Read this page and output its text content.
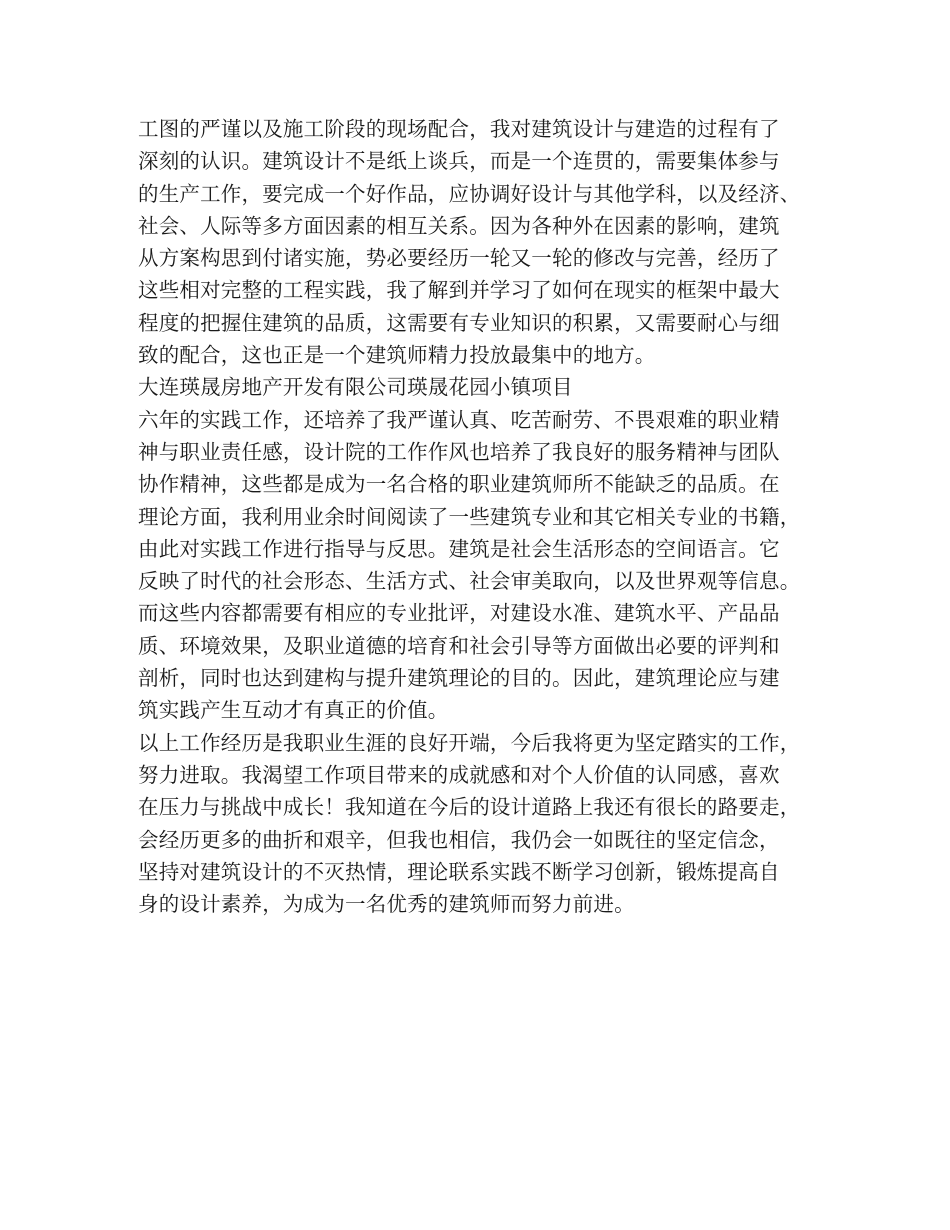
工图的严谨以及施工阶段的现场配合，我对建筑设计与建造的过程有了
深刻的认识。建筑设计不是纸上谈兵，而是一个连贯的，需要集体参与
的生产工作，要完成一个好作品，应协调好设计与其他学科，以及经济、
社会、人际等多方面因素的相互关系。因为各种外在因素的影响，建筑
从方案构思到付诸实施，势必要经历一轮又一轮的修改与完善，经历了
这些相对完整的工程实践，我了解到并学习了如何在现实的框架中最大
程度的把握住建筑的品质，这需要有专业知识的积累，又需要耐心与细
致的配合，这也正是一个建筑师精力投放最集中的地方。
大连瑛晟房地产开发有限公司瑛晟花园小镇项目
六年的实践工作，还培养了我严谨认真、吃苦耐劳、不畏艰难的职业精
神与职业责任感，设计院的工作作风也培养了我良好的服务精神与团队
协作精神，这些都是成为一名合格的职业建筑师所不能缺乏的品质。在
理论方面，我利用业余时间阅读了一些建筑专业和其它相关专业的书籍，
由此对实践工作进行指导与反思。建筑是社会生活形态的空间语言。它
反映了时代的社会形态、生活方式、社会审美取向，以及世界观等信息。
而这些内容都需要有相应的专业批评，对建设水准、建筑水平、产品品
质、环境效果，及职业道德的培育和社会引导等方面做出必要的评判和
剖析，同时也达到建构与提升建筑理论的目的。因此，建筑理论应与建
筑实践产生互动才有真正的价值。
以上工作经历是我职业生涯的良好开端，今后我将更为坚定踏实的工作，
努力进取。我渴望工作项目带来的成就感和对个人价值的认同感，喜欢
在压力与挑战中成长！我知道在今后的设计道路上我还有很长的路要走，
会经历更多的曲折和艰辛，但我也相信，我仍会一如既往的坚定信念，
坚持对建筑设计的不灭热情，理论联系实践不断学习创新，锻炼提高自
身的设计素养，为成为一名优秀的建筑师而努力前进。
